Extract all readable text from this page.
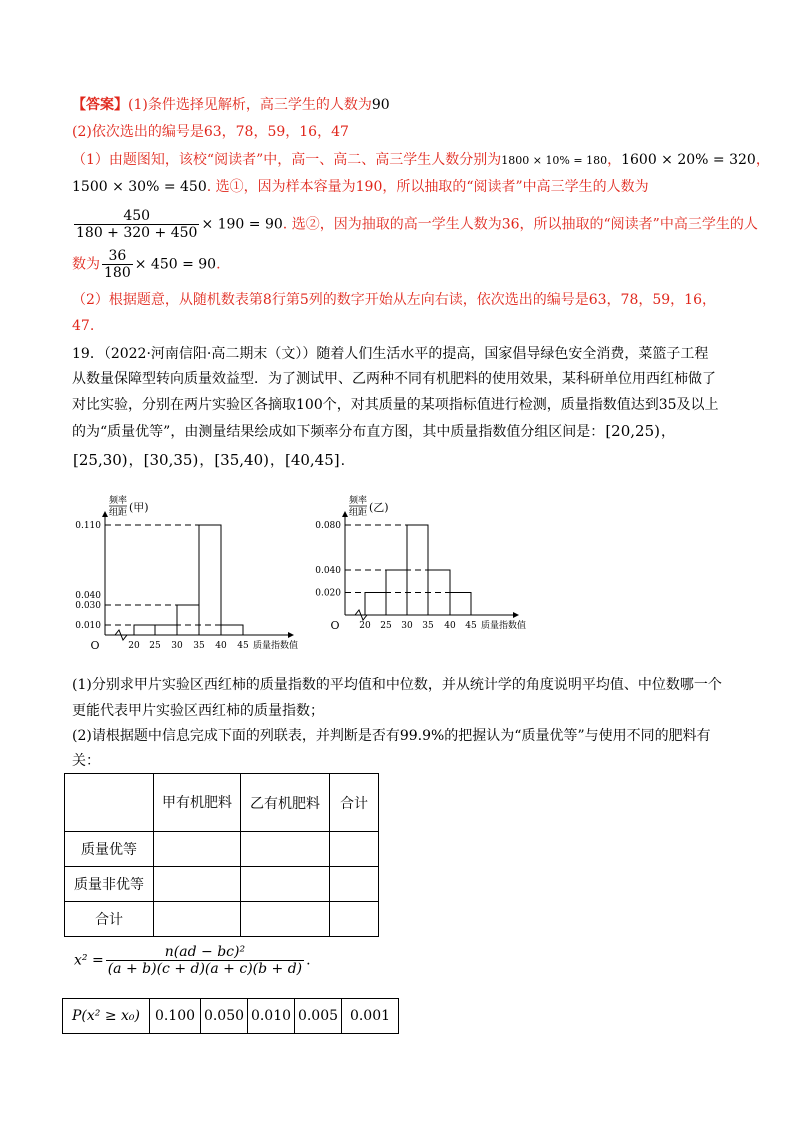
【答案】(1)条件选择见解析，高三学生的人数为90
(2)依次选出的编号是63，78，59，16，47
（1）由题图知，该校“阅读者”中，高一、高二、高三学生人数分别为1800 × 10% = 180，1600 × 20% = 320，
1500 × 30% = 450. 选①，因为样本容量为190，所以抽取的“阅读者”中高三学生的人数为
$\frac{450}{180 + 320 + 450} \times 190 = 90$. 选②，因为抽取的高一学生人数为36，所以抽取的“阅读者”中高三学生的人
数为 $\frac{36}{180} \times 450 = 90$.
（2）根据题意，从随机数表第8行第5列的数字开始从左向右读，依次选出的编号是63，78，59，16，
47.
19．（2022·河南信阳·高二期末（文））随着人们生活水平的提高，国家倡导绿色安全消费，菜篮子工程
从数量保障型转向质量效益型．为了测试甲、乙两种不同有机肥料的使用效果，某科研单位用西红柿做了
对比实验，分别在两片实验区各摘取100个，对其质量的某项指标值进行检测，质量指数值达到35及以上
的为“质量优等”，由测量结果绘成如下频率分布直方图，其中质量指数值分组区间是：[20,25)，
[25,30)，[30,35)，[35,40)，[40,45].
O
频率
组距 (甲)
0.010
0.030
0.040
0.110
20 25 30 35 40 45 质量指数值
O
频率
组距 (乙)
0.020
0.040
0.080
20 25 30 35 40 45 质量指数值
(1)分别求甲片实验区西红柿的质量指数的平均值和中位数，并从统计学的角度说明平均值、中位数哪一个
更能代表甲片实验区西红柿的质量指数；
(2)请根据题中信息完成下面的列联表，并判断是否有99.9%的把握认为“质量优等”与使用不同的肥料有
关：
	甲有机肥料	乙有机肥料	合计
质量优等			
质量非优等			
合计			
$x^2 = \frac{\text{n(ad − bc)²}}{(a + b)(c + d)(a + c)(b + d)}$ .
P(x² ≥ x₀)	0.100	0.050	0.010	0.005	0.001
